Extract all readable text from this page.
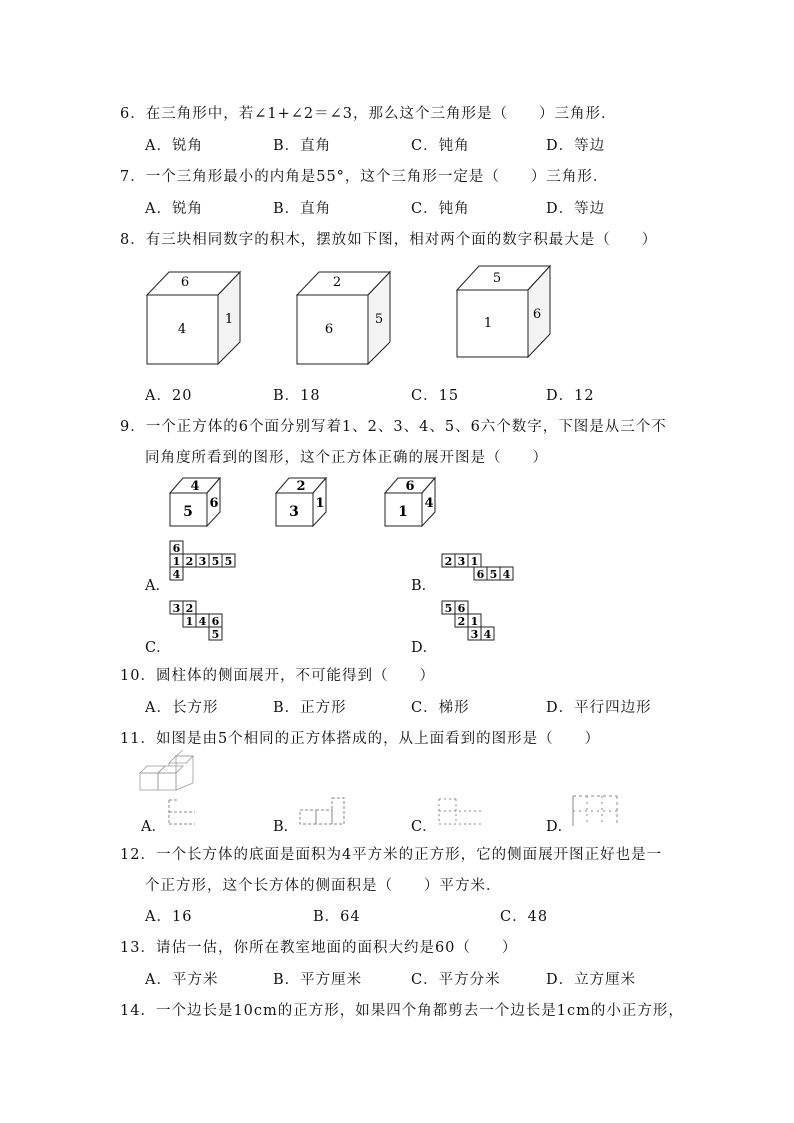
6．在三角形中，若∠1+∠2＝∠3，那么这个三角形是（　　）三角形．
A．锐角	B．直角	C．钝角	D．等边
7．一个三角形最小的内角是55°，这个三角形一定是（　　）三角形．
A．锐角	B．直角	C．钝角	D．等边
8．有三块相同数字的积木，摆放如下图，相对两个面的数字积最大是（　　）
6
4
1
2
6
5
5
1
6
A．20	B．18	C．15	D．12
9．一个正方体的6个面分别写着1、2、3、4、5、6六个数字，下图是从三个不
同角度所看到的图形，这个正方体正确的展开图是（　　）
4
5
6
2
3
1
6
1
4
A．
6
1 2 3 5 5
4
B．
2 3 1
6 5 4
C．
3 2
1 4 6
5
D．
5 6
2 1
3 4
10．圆柱体的侧面展开，不可能得到（　　）
A．长方形	B．正方形	C．梯形	D．平行四边形
11．如图是由5个相同的正方体搭成的，从上面看到的图形是（　　）
A．	B．	C．	D．
12．一个长方体的底面是面积为4平方米的正方形，它的侧面展开图正好也是一
个正方形，这个长方体的侧面积是（　　）平方米．
A．16	B．64	C．48
13．请估一估，你所在教室地面的面积大约是60（　　）
A．平方米	B．平方厘米	C．平方分米	D．立方厘米
14．一个边长是10cm的正方形，如果四个角都剪去一个边长是1cm的小正方形，
